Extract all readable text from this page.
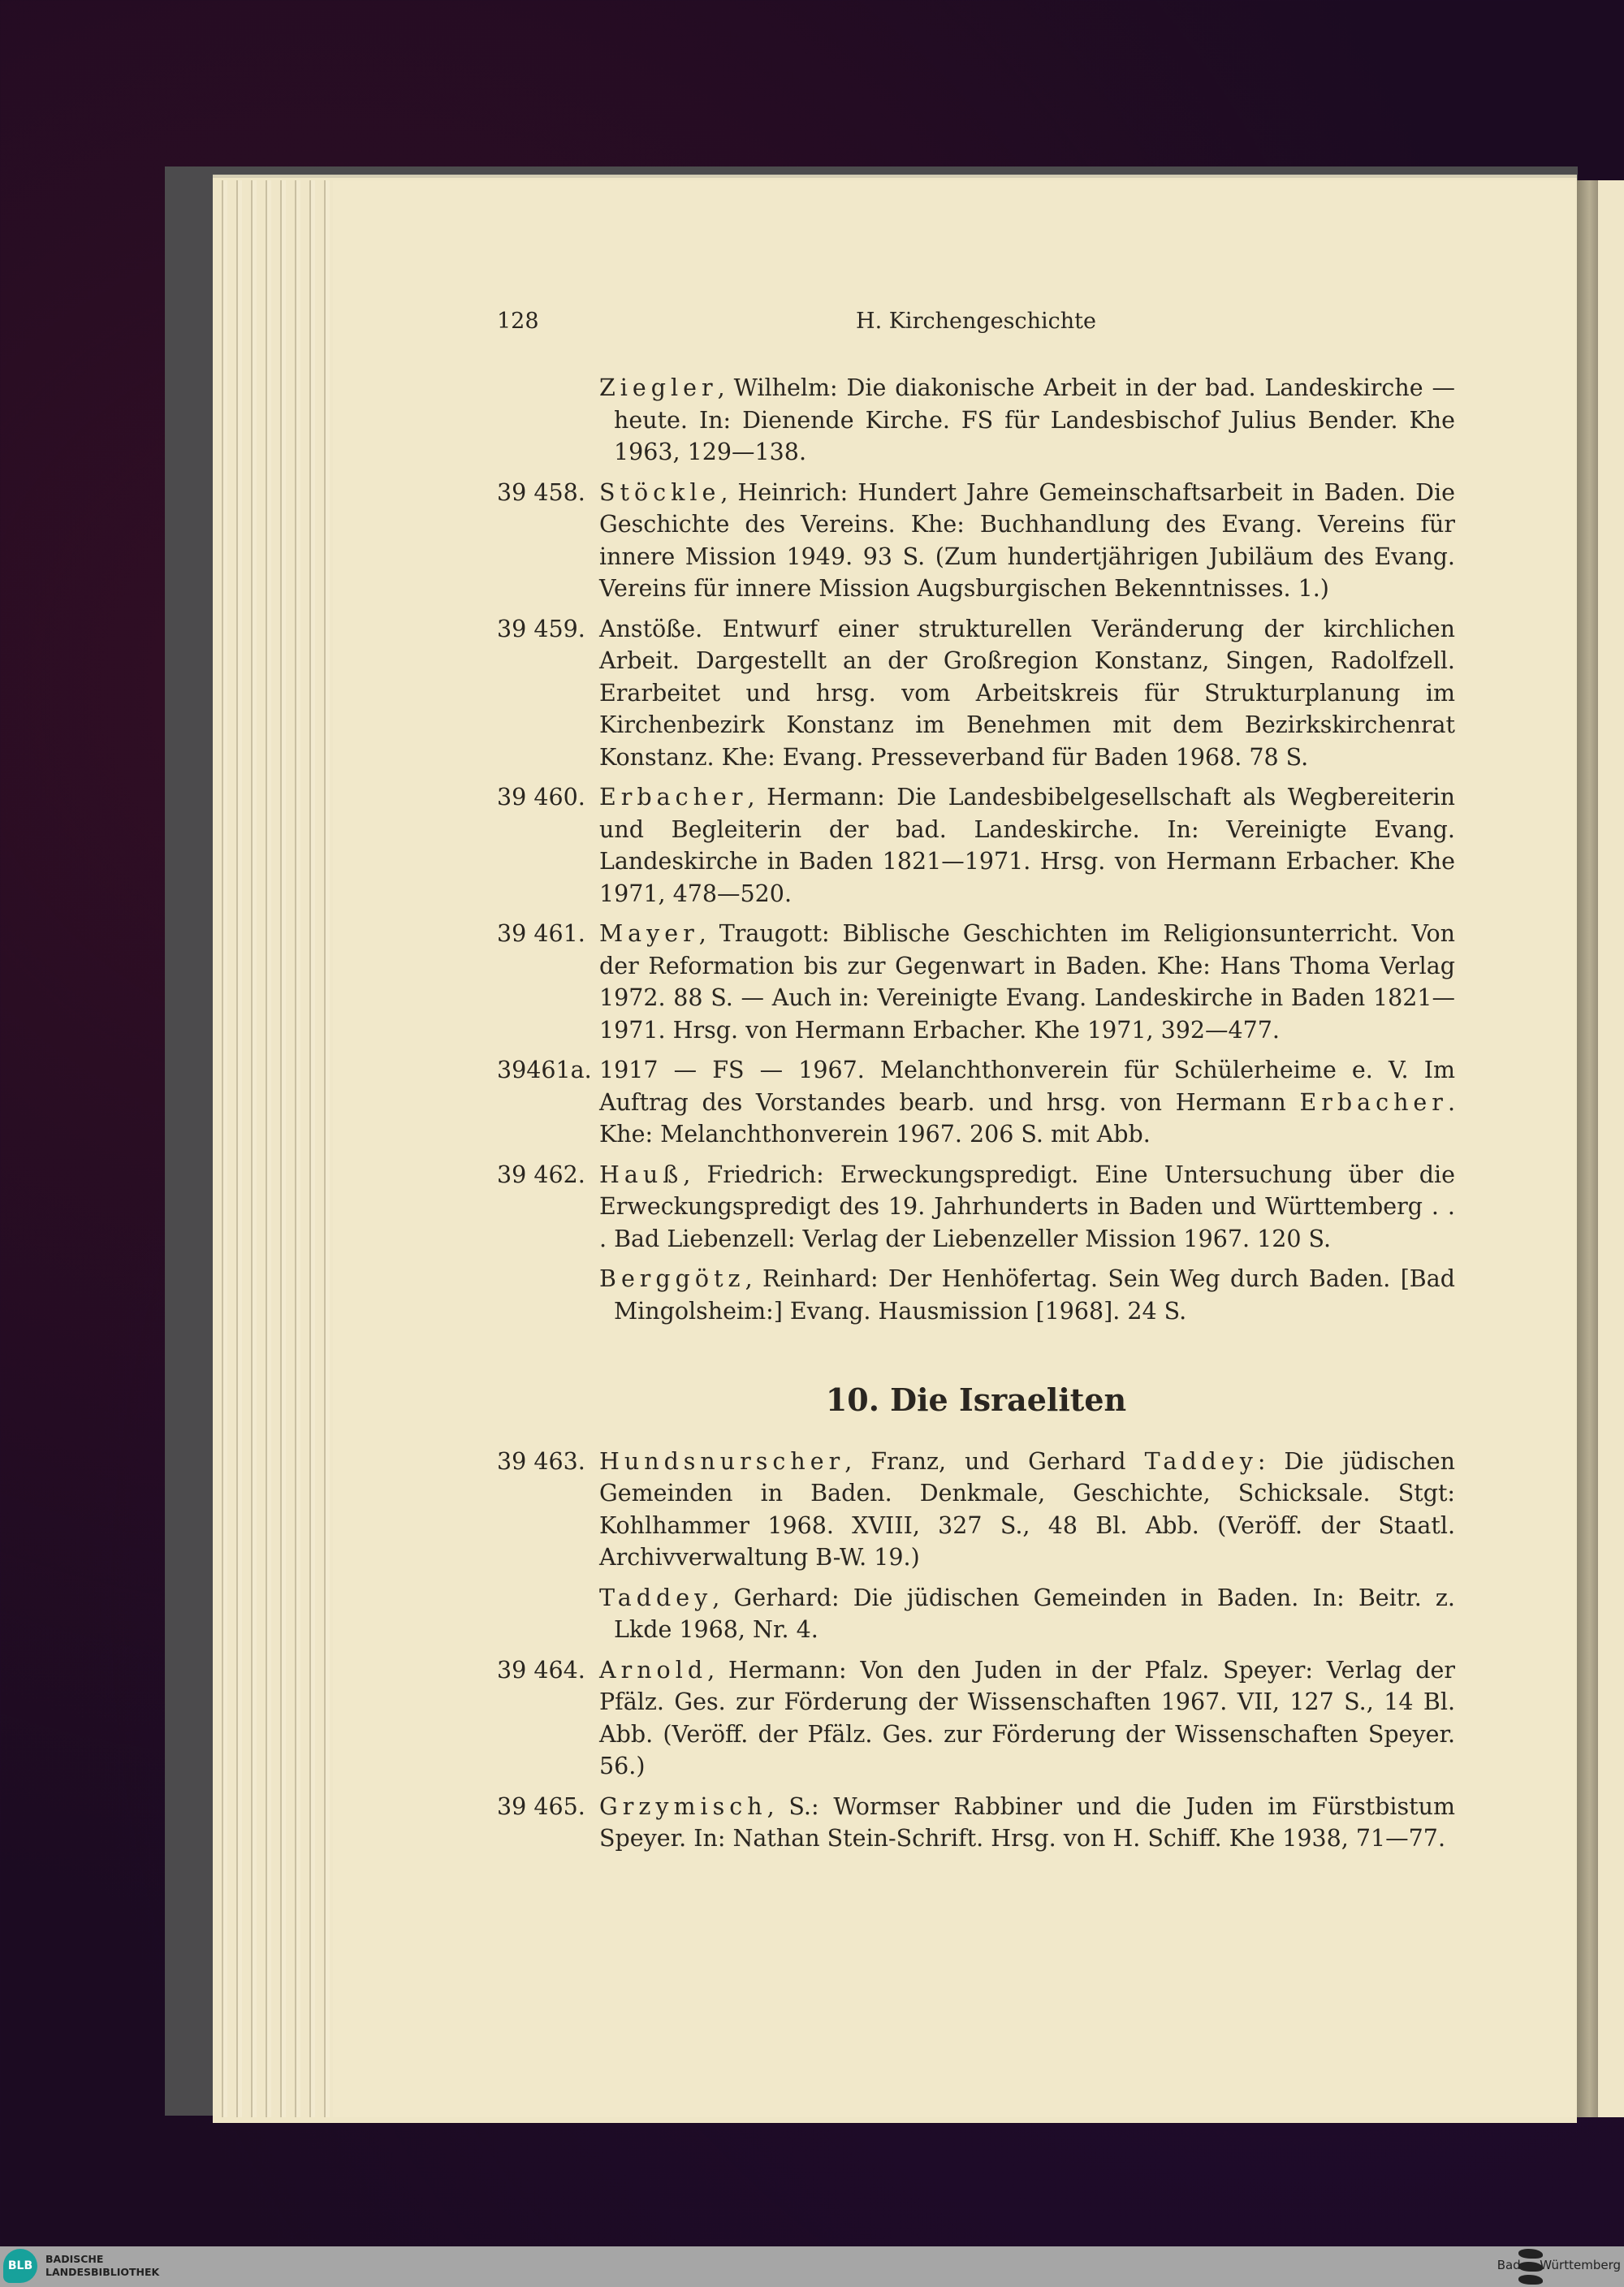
128	H. Kirchengeschichte
Ziegler, Wilhelm: Die diakonische Arbeit in der bad. Landeskirche — heute. In: Dienende Kirche. FS für Landesbischof Julius Bender. Khe 1963, 129—138.
39 458. Stöckle, Heinrich: Hundert Jahre Gemeinschaftsarbeit in Baden. Die Geschichte des Vereins. Khe: Buchhandlung des Evang. Vereins für innere Mission 1949. 93 S. (Zum hundertjährigen Jubiläum des Evang. Vereins für innere Mission Augsburgischen Bekenntnisses. 1.)
39 459. Anstöße. Entwurf einer strukturellen Veränderung der kirchlichen Arbeit. Dargestellt an der Großregion Konstanz, Singen, Radolfzell. Erarbeitet und hrsg. vom Arbeitskreis für Strukturplanung im Kirchenbezirk Konstanz im Benehmen mit dem Bezirkskirchenrat Konstanz. Khe: Evang. Presseverband für Baden 1968. 78 S.
39 460. Erbacher, Hermann: Die Landesbibelgesellschaft als Wegbereiterin und Begleiterin der bad. Landeskirche. In: Vereinigte Evang. Landeskirche in Baden 1821—1971. Hrsg. von Hermann Erbacher. Khe 1971, 478—520.
39 461. Mayer, Traugott: Biblische Geschichten im Religionsunterricht. Von der Reformation bis zur Gegenwart in Baden. Khe: Hans Thoma Verlag 1972. 88 S. — Auch in: Vereinigte Evang. Landeskirche in Baden 1821—1971. Hrsg. von Hermann Erbacher. Khe 1971, 392—477.
39461a. 1917 — FS — 1967. Melanchthonverein für Schülerheime e. V. Im Auftrag des Vorstandes bearb. und hrsg. von Hermann Erbacher. Khe: Melanchthonverein 1967. 206 S. mit Abb.
39 462. Hauß, Friedrich: Erweckungspredigt. Eine Untersuchung über die Erweckungspredigt des 19. Jahrhunderts in Baden und Württemberg . . . Bad Liebenzell: Verlag der Liebenzeller Mission 1967. 120 S.
Berggötz, Reinhard: Der Henhöfertag. Sein Weg durch Baden. [Bad Mingolsheim:] Evang. Hausmission [1968]. 24 S.
10. Die Israeliten
39 463. Hundsnurscher, Franz, und Gerhard Taddey: Die jüdischen Gemeinden in Baden. Denkmale, Geschichte, Schicksale. Stgt: Kohlhammer 1968. XVIII, 327 S., 48 Bl. Abb. (Veröff. der Staatl. Archivverwaltung B-W. 19.)
Taddey, Gerhard: Die jüdischen Gemeinden in Baden. In: Beitr. z. Lkde 1968, Nr. 4.
39 464. Arnold, Hermann: Von den Juden in der Pfalz. Speyer: Verlag der Pfälz. Ges. zur Förderung der Wissenschaften 1967. VII, 127 S., 14 Bl. Abb. (Veröff. der Pfälz. Ges. zur Förderung der Wissenschaften Speyer. 56.)
39 465. Grzymisch, S.: Wormser Rabbiner und die Juden im Fürstbistum Speyer. In: Nathan Stein-Schrift. Hrsg. von H. Schiff. Khe 1938, 71—77.
BLB
BADISCHE
LANDESBIBLIOTHEK	Baden-Württemberg
